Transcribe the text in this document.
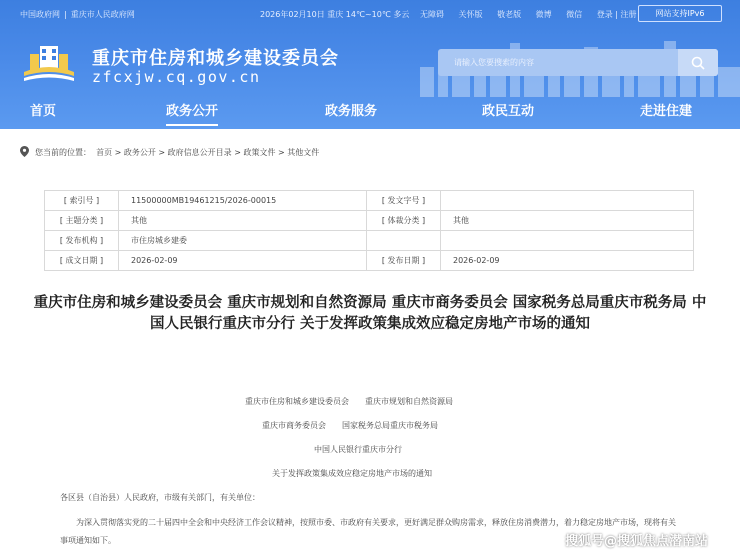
中国政府网 | 重庆市人民政府网	2026年02月10日 重庆 14℃~10℃ 多云 无障碍 关怀版 敬老版 微博 微信 登录 | 注册	网站支持IPv6
重庆市住房和城乡建设委员会
zfcxjw.cq.gov.cn
请输入您要搜索的内容
首页	政务公开	政务服务	政民互动	走进住建
您当前的位置： 首页 > 政务公开 > 政府信息公开目录 > 政策文件 > 其他文件
[ 索引号 ]	11500000MB19461215/2026-00015	[ 发文字号 ]	
[ 主题分类 ]	其他	[ 体裁分类 ]	其他
[ 发布机构 ]	市住房城乡建委		
[ 成文日期 ]	2026-02-09	[ 发布日期 ]	2026-02-09
重庆市住房和城乡建设委员会 重庆市规划和自然资源局 重庆市商务委员会 国家税务总局重庆市税务局 中国人民银行重庆市分行 关于发挥政策集成效应稳定房地产市场的通知
重庆市住房和城乡建设委员会　　重庆市规划和自然资源局
重庆市商务委员会　　国家税务总局重庆市税务局
中国人民银行重庆市分行
关于发挥政策集成效应稳定房地产市场的通知
各区县（自治县）人民政府，市级有关部门，有关单位：
为深入贯彻落实党的二十届四中全会和中央经济工作会议精神，按照市委、市政府有关要求，更好满足群众购房需求，释放住房消费潜力，着力稳定房地产市场，现将有关事项通知如下。	搜狐号@搜狐焦点潜南站
